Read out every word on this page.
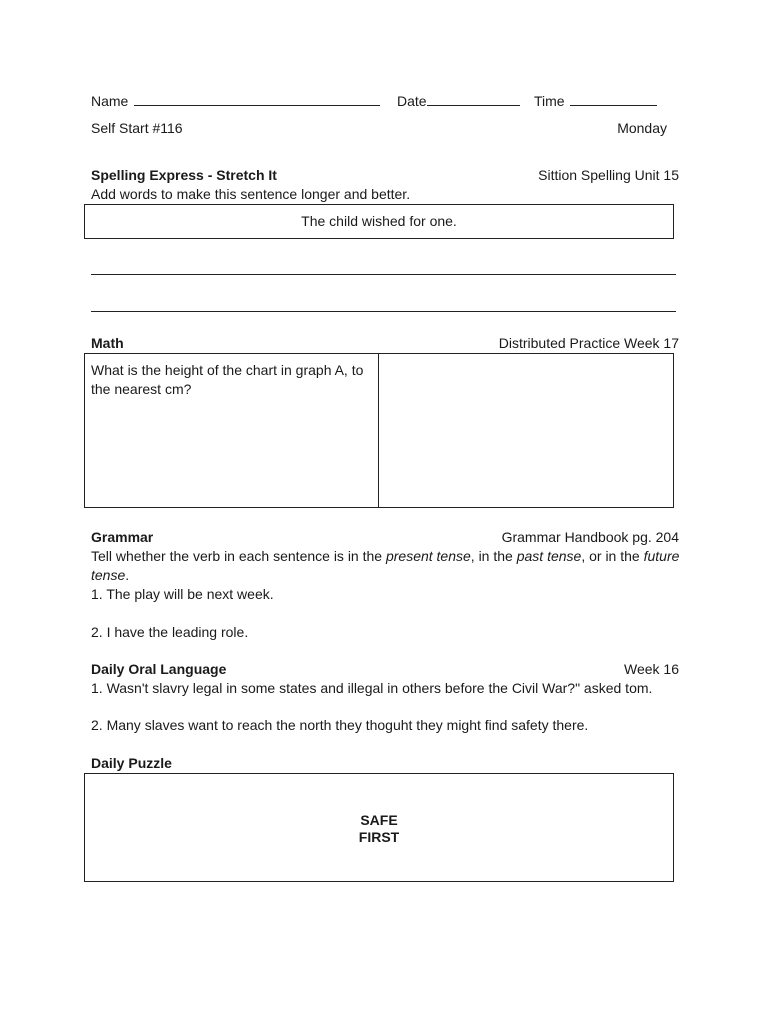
Name	Date	Time
Self Start #116	Monday
Spelling Express - Stretch It	Sittion Spelling Unit 15
Add words to make this sentence longer and better.
The child wished for one.
Math	Distributed Practice Week 17
What is the height of the chart in graph A, to
the nearest cm?
Grammar	Grammar Handbook pg. 204
Tell whether the verb in each sentence is in the present tense, in the past tense, or in the future
tense.
1. The play will be next week.
2. I have the leading role.
Daily Oral Language	Week 16
1. Wasn't slavry legal in some states and illegal in others before the Civil War?" asked tom.
2. Many slaves want to reach the north they thoguht they might find safety there.
Daily Puzzle
SAFE
FIRST
